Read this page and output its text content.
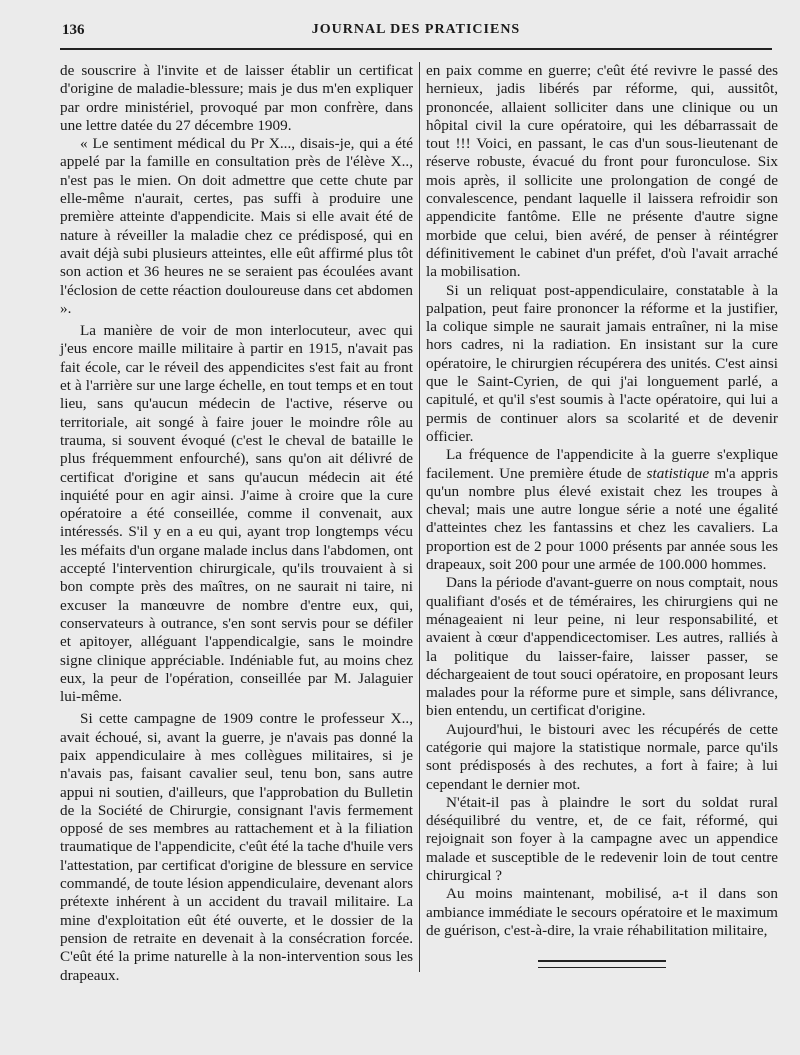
136	JOURNAL DES PRATICIENS

de souscrire à l'invite et de laisser établir un certificat d'origine de maladie-blessure; mais je dus m'en expliquer par ordre ministériel, provoqué par mon confrère, dans une lettre datée du 27 décembre 1909.

« Le sentiment médical du Pr X..., disais-je, qui a été appelé par la famille en consultation près de l'élève X.., n'est pas le mien. On doit admettre que cette chute par elle-même n'aurait, certes, pas suffi à produire une première atteinte d'appendicite. Mais si elle avait été de nature à réveiller la maladie chez ce prédisposé, qui en avait déjà subi plusieurs atteintes, elle eût affirmé plus tôt son action et 36 heures ne se seraient pas écoulées avant l'éclosion de cette réaction douloureuse dans cet abdomen ».

La manière de voir de mon interlocuteur, avec qui j'eus encore maille militaire à partir en 1915, n'avait pas fait école, car le réveil des appendicites s'est fait au front et à l'arrière sur une large échelle, en tout temps et en tout lieu, sans qu'aucun médecin de l'active, réserve ou territoriale, ait songé à faire jouer le moindre rôle au trauma, si souvent évoqué (c'est le cheval de bataille le plus fréquemment enfourché), sans qu'on ait délivré de certificat d'origine et sans qu'aucun médecin ait été inquiété pour en agir ainsi. J'aime à croire que la cure opératoire a été conseillée, comme il convenait, aux intéressés. S'il y en a eu qui, ayant trop longtemps vécu les méfaits d'un organe malade inclus dans l'abdomen, ont accepté l'intervention chirurgicale, qu'ils trouvaient à si bon compte près des maîtres, on ne saurait ni taire, ni excuser la manœuvre de nombre d'entre eux, qui, conservateurs à outrance, s'en sont servis pour se défiler et apitoyer, alléguant l'appendicalgie, sans le moindre signe clinique appréciable. Indéniable fut, au moins chez eux, la peur de l'opération, conseillée par M. Jalaguier lui-même.

Si cette campagne de 1909 contre le professeur X.., avait échoué, si, avant la guerre, je n'avais pas donné la paix appendiculaire à mes collègues militaires, si je n'avais pas, faisant cavalier seul, tenu bon, sans autre appui ni soutien, d'ailleurs, que l'approbation du Bulletin de la Société de Chirurgie, consignant l'avis fermement opposé de ses membres au rattachement et à la filiation traumatique de l'appendicite, c'eût été la tache d'huile vers l'attestation, par certificat d'origine de blessure en service commandé, de toute lésion appendiculaire, devenant alors prétexte inhérent à un accident du travail militaire. La mine d'exploitation eût été ouverte, et le dossier de la pension de retraite en devenait à la consécration forcée. C'eût été la prime naturelle à la non-intervention sous les drapeaux.

en paix comme en guerre; c'eût été revivre le passé des hernieux, jadis libérés par réforme, qui, aussitôt, prononcée, allaient solliciter dans une clinique ou un hôpital civil la cure opératoire, qui les débarrassait de tout !!! Voici, en passant, le cas d'un sous-lieutenant de réserve robuste, évacué du front pour furonculose. Six mois après, il sollicite une prolongation de congé de convalescence, pendant laquelle il laissera refroidir son appendicite fantôme. Elle ne présente d'autre signe morbide que celui, bien avéré, de penser à réintégrer définitivement le cabinet d'un préfet, d'où l'avait arraché la mobilisation.

Si un reliquat post-appendiculaire, constatable à la palpation, peut faire prononcer la réforme et la justifier, la colique simple ne saurait jamais entraîner, ni la mise hors cadres, ni la radiation. En insistant sur la cure opératoire, le chirurgien récupérera des unités. C'est ainsi que le Saint-Cyrien, de qui j'ai longuement parlé, a capitulé, et qu'il s'est soumis à l'acte opératoire, qui lui a permis de continuer alors sa scolarité et de devenir officier.

La fréquence de l'appendicite à la guerre s'explique facilement. Une première étude de statistique m'a appris qu'un nombre plus élevé existait chez les troupes à cheval; mais une autre longue série a noté une égalité d'atteintes chez les fantassins et chez les cavaliers. La proportion est de 2 pour 1000 présents par année sous les drapeaux, soit 200 pour une armée de 100.000 hommes.

Dans la période d'avant-guerre on nous comptait, nous qualifiant d'osés et de téméraires, les chirurgiens qui ne ménageaient ni leur peine, ni leur responsabilité, et avaient à cœur d'appendicectomiser. Les autres, ralliés à la politique du laisser-faire, laisser passer, se déchargeaient de tout souci opératoire, en proposant leurs malades pour la réforme pure et simple, sans délivrance, bien entendu, un certificat d'origine.

Aujourd'hui, le bistouri avec les récupérés de cette catégorie qui majore la statistique normale, parce qu'ils sont prédisposés à des rechutes, a fort à faire; à lui cependant le dernier mot.

N'était-il pas à plaindre le sort du soldat rural déséquilibré du ventre, et, de ce fait, réformé, qui rejoignait son foyer à la campagne avec un appendice malade et susceptible de le redevenir loin de tout centre chirurgical ?

Au moins maintenant, mobilisé, a-t il dans son ambiance immédiate le secours opératoire et le maximum de guérison, c'est-à-dire, la vraie réhabilitation militaire,
